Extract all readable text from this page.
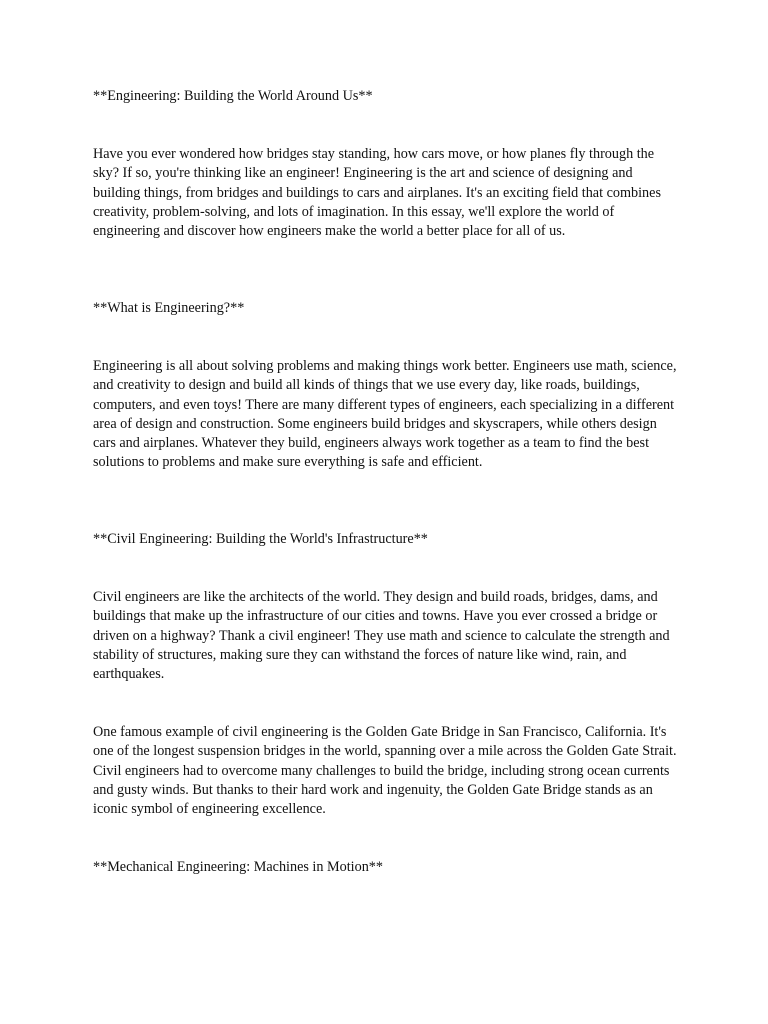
**Engineering: Building the World Around Us**

Have you ever wondered how bridges stay standing, how cars move, or how planes fly through the sky? If so, you're thinking like an engineer! Engineering is the art and science of designing and building things, from bridges and buildings to cars and airplanes. It's an exciting field that combines creativity, problem-solving, and lots of imagination. In this essay, we'll explore the world of engineering and discover how engineers make the world a better place for all of us.

**What is Engineering?**

Engineering is all about solving problems and making things work better. Engineers use math, science, and creativity to design and build all kinds of things that we use every day, like roads, buildings, computers, and even toys! There are many different types of engineers, each specializing in a different area of design and construction. Some engineers build bridges and skyscrapers, while others design cars and airplanes. Whatever they build, engineers always work together as a team to find the best solutions to problems and make sure everything is safe and efficient.

**Civil Engineering: Building the World's Infrastructure**

Civil engineers are like the architects of the world. They design and build roads, bridges, dams, and buildings that make up the infrastructure of our cities and towns. Have you ever crossed a bridge or driven on a highway? Thank a civil engineer! They use math and science to calculate the strength and stability of structures, making sure they can withstand the forces of nature like wind, rain, and earthquakes.

One famous example of civil engineering is the Golden Gate Bridge in San Francisco, California. It's one of the longest suspension bridges in the world, spanning over a mile across the Golden Gate Strait. Civil engineers had to overcome many challenges to build the bridge, including strong ocean currents and gusty winds. But thanks to their hard work and ingenuity, the Golden Gate Bridge stands as an iconic symbol of engineering excellence.

**Mechanical Engineering: Machines in Motion**
